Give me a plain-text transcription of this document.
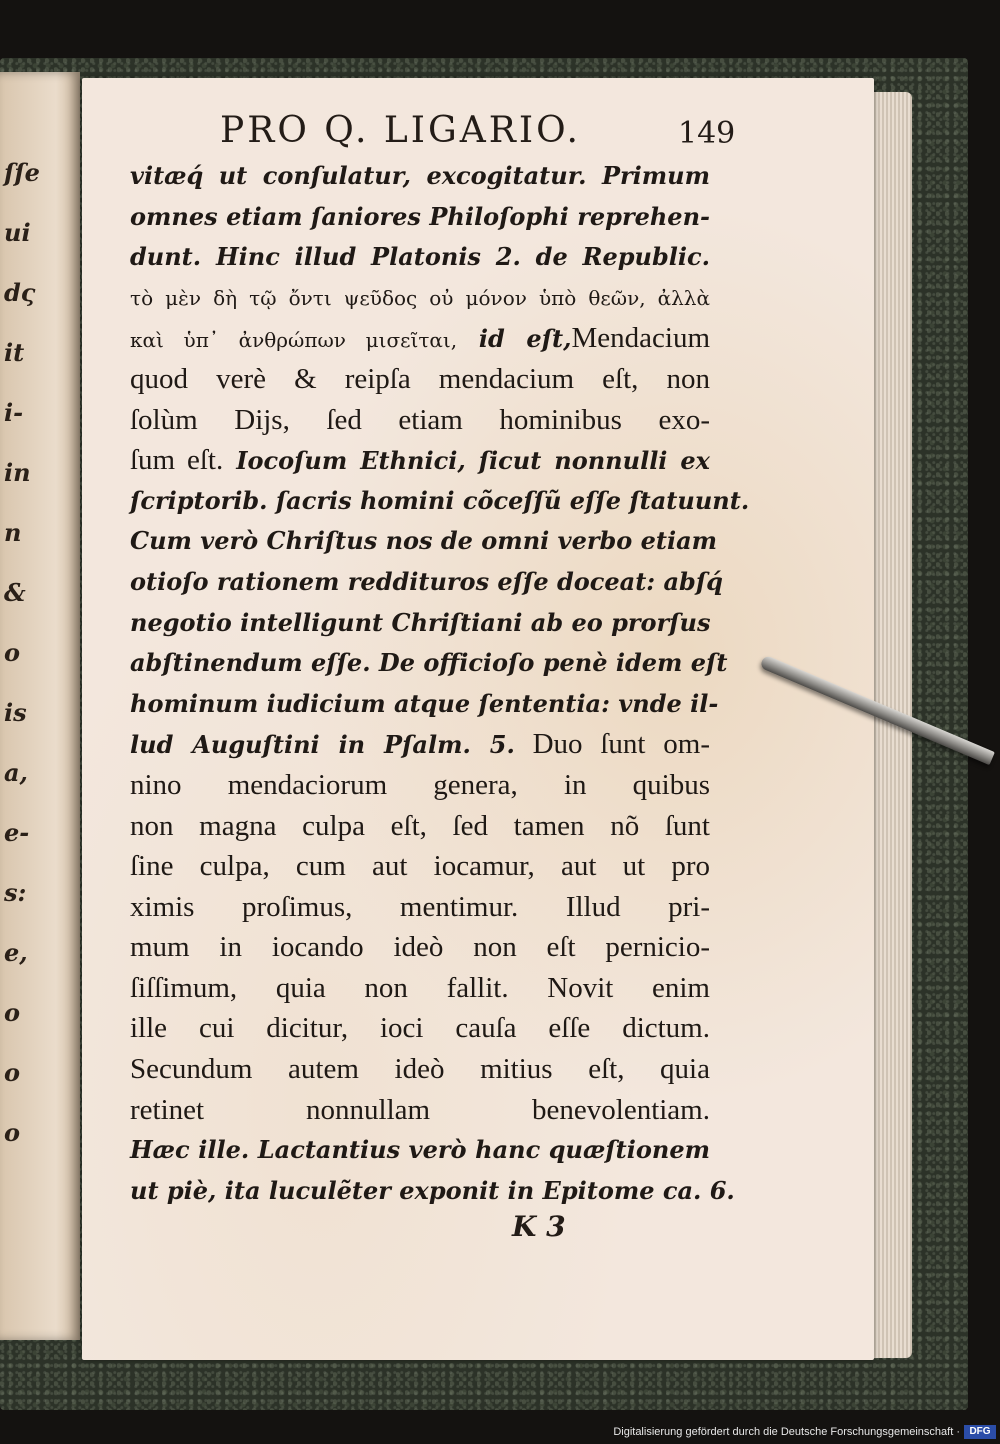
ſſe
ui
dς
it
i-
in
n
&
o
is
a,
e-
s:
e,
o
o
o
PRO Q. LIGARIO.	149
vitæq́ ut conſulatur, excogitatur. Primum
omnes etiam ſaniores Philoſophi reprehen-
dunt. Hinc illud Platonis 2. de Republic.
τὸ μὲν δὴ τῷ ὄντι ψεῦδος οὐ μόνον ὑπὸ θεῶν, ἀλλὰ
καὶ ὑπ᾽ ἀνθρώπων μισεῖται, id eſt,Mendacium
quod verè & reipſa mendacium eſt, non
ſolùm Dijs, ſed etiam hominibus exo-
ſum eſt. Iocoſum Ethnici, ſicut nonnulli ex
ſcriptorib. ſacris homini cõceſſũ eſſe ſtatuunt.
Cum verò Chriſtus nos de omni verbo etiam
otioſo rationem reddituros eſſe doceat: abſq́
negotio intelligunt Chriſtiani ab eo prorſus
abſtinendum eſſe. De officioſo penè idem eſt
hominum iudicium atque ſententia: vnde il-
lud Auguſtini in Pſalm. 5. Duo ſunt om-
nino mendaciorum genera, in quibus
non magna culpa eſt, ſed tamen nõ ſunt
ſine culpa, cum aut iocamur, aut ut pro
ximis proſimus, mentimur. Illud pri-
mum in iocando ideò non eſt pernicio-
ſiſſimum, quia non fallit. Novit enim
ille cui dicitur, ioci cauſa eſſe dictum.
Secundum autem ideò mitius eſt, quia
retinet nonnullam benevolentiam.
Hæc ille. Lactantius verò hanc quæſtionem
ut piè, ita luculẽter exponit in Epitome ca. 6.
K 3
Digitalisierung gefördert durch die Deutsche Forschungsgemeinschaft · DFG
